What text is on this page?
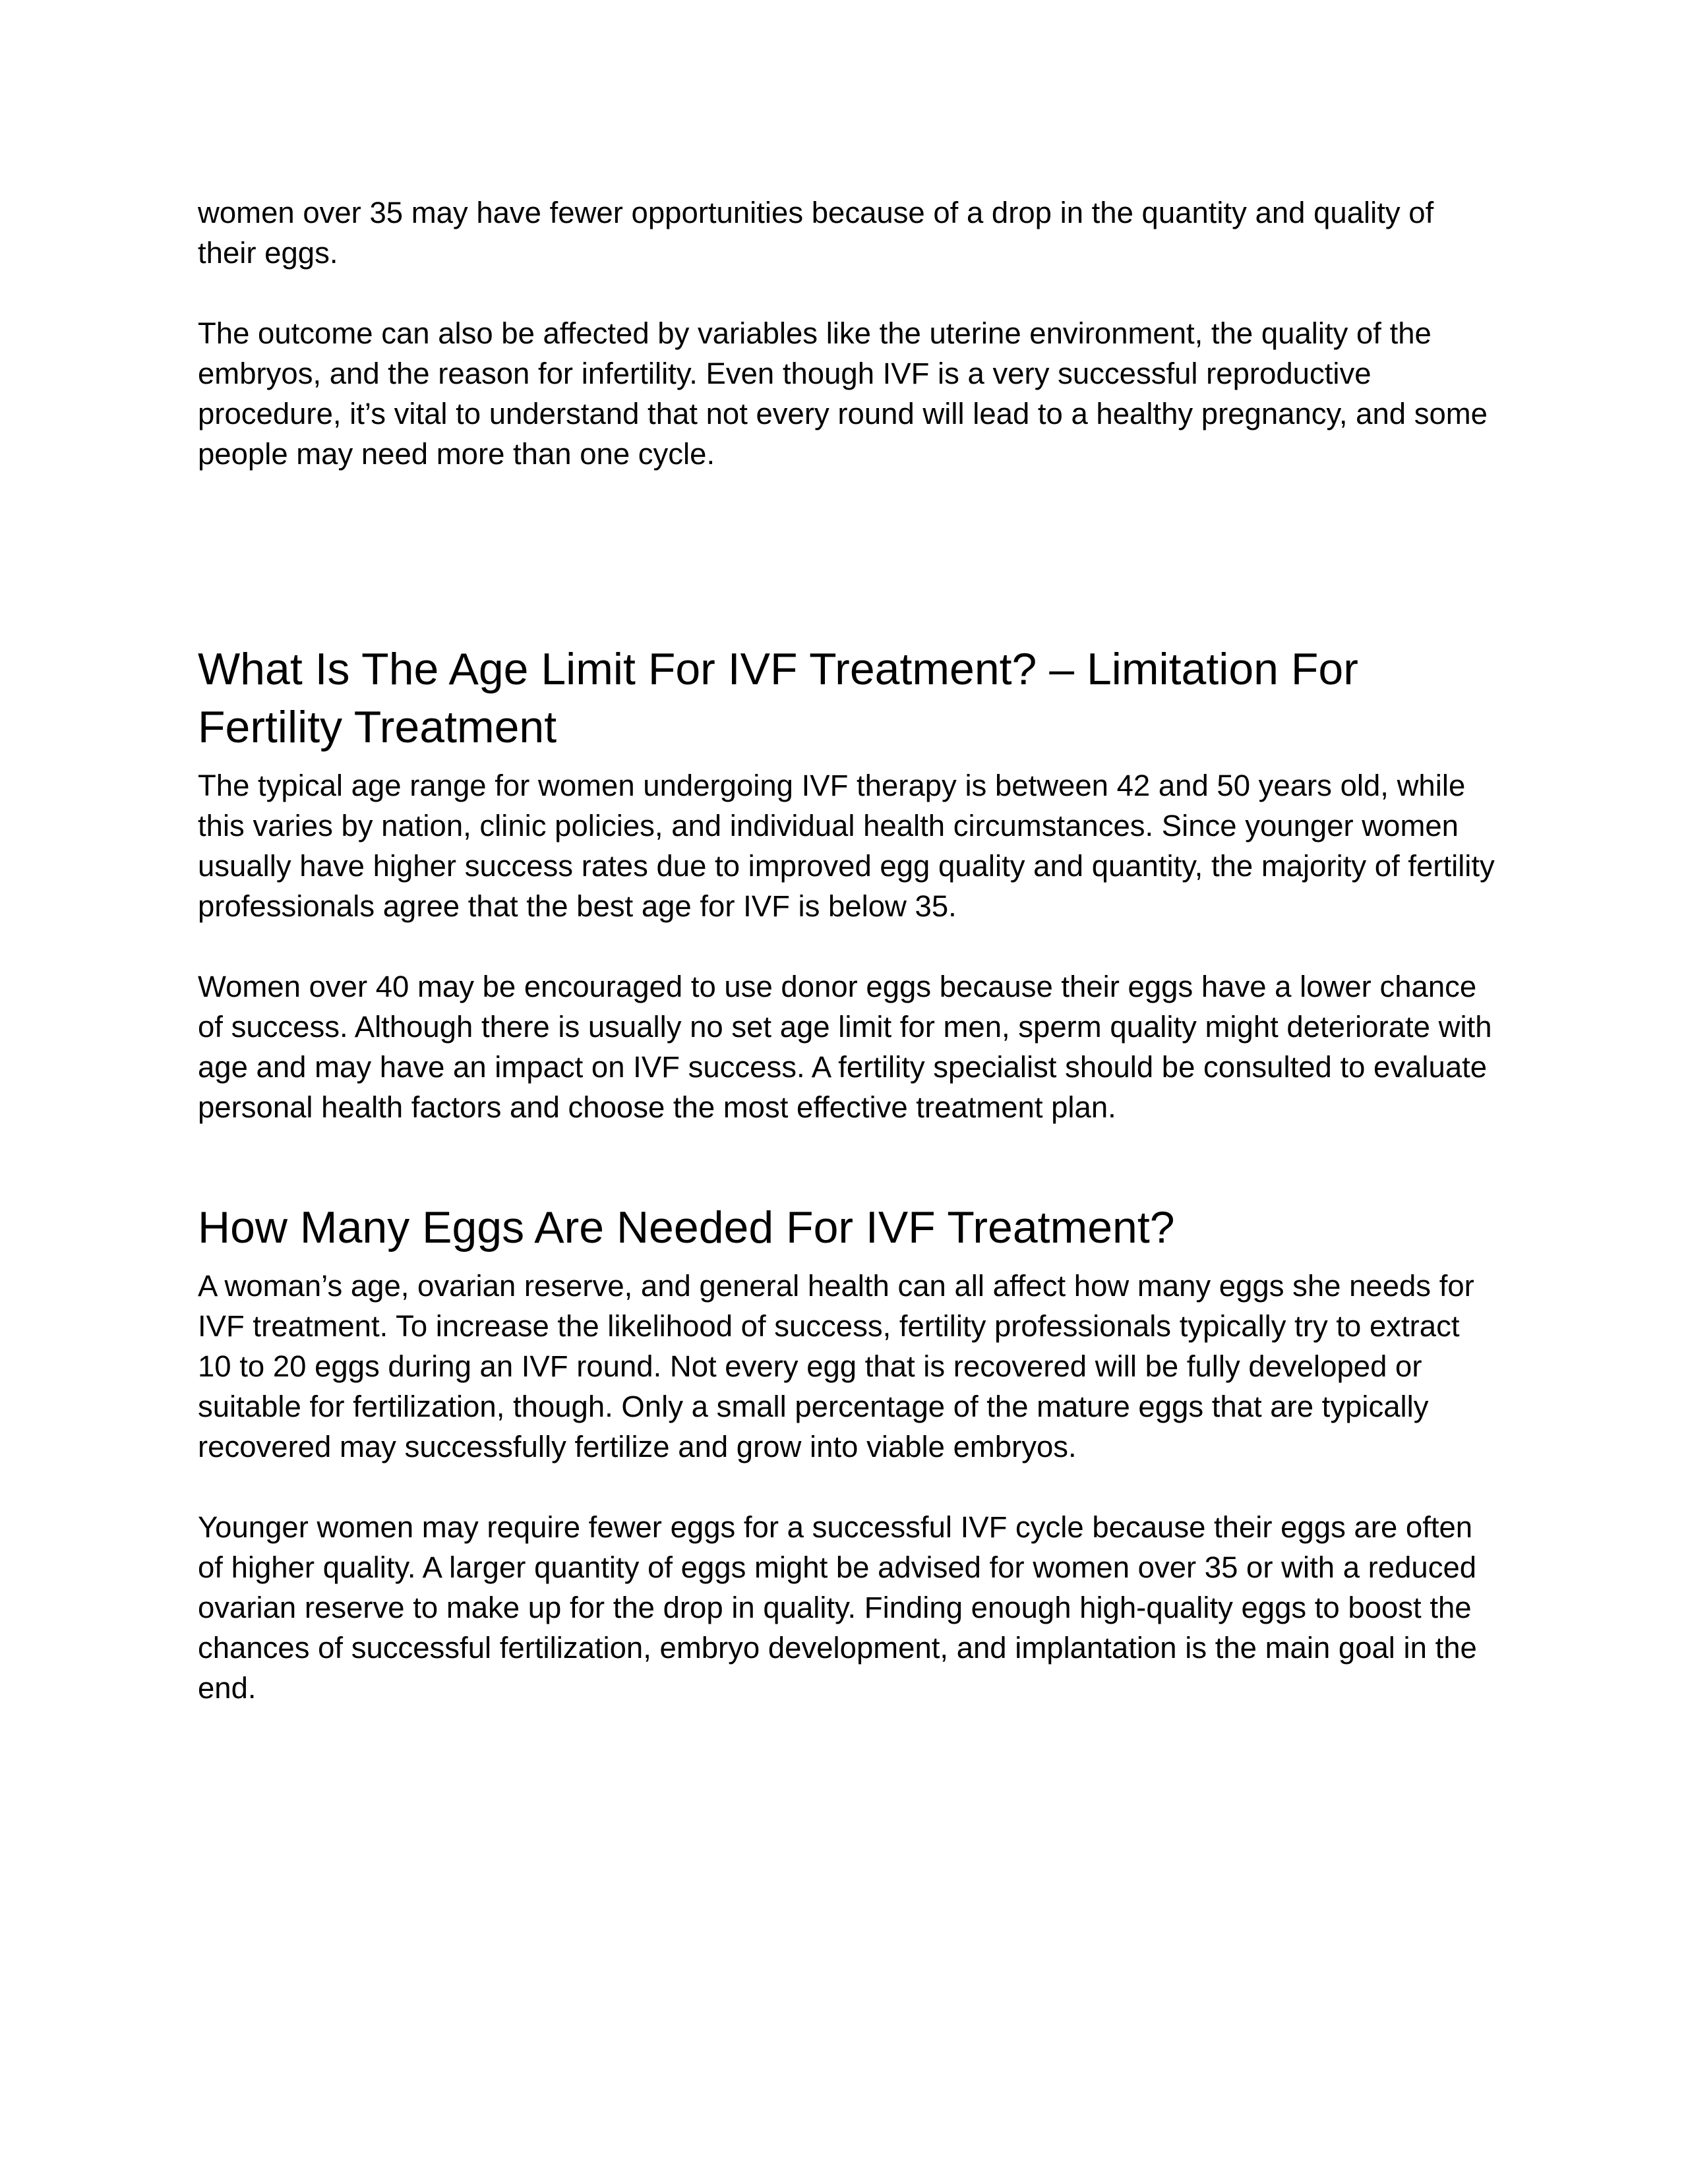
women over 35 may have fewer opportunities because of a drop in the quantity and quality of their eggs.

The outcome can also be affected by variables like the uterine environment, the quality of the embryos, and the reason for infertility. Even though IVF is a very successful reproductive procedure, it’s vital to understand that not every round will lead to a healthy pregnancy, and some people may need more than one cycle.

What Is The Age Limit For IVF Treatment? – Limitation For Fertility Treatment

The typical age range for women undergoing IVF therapy is between 42 and 50 years old, while this varies by nation, clinic policies, and individual health circumstances. Since younger women usually have higher success rates due to improved egg quality and quantity, the majority of fertility professionals agree that the best age for IVF is below 35.

Women over 40 may be encouraged to use donor eggs because their eggs have a lower chance of success. Although there is usually no set age limit for men, sperm quality might deteriorate with age and may have an impact on IVF success. A fertility specialist should be consulted to evaluate personal health factors and choose the most effective treatment plan.

How Many Eggs Are Needed For IVF Treatment?

A woman’s age, ovarian reserve, and general health can all affect how many eggs she needs for IVF treatment. To increase the likelihood of success, fertility professionals typically try to extract 10 to 20 eggs during an IVF round. Not every egg that is recovered will be fully developed or suitable for fertilization, though. Only a small percentage of the mature eggs that are typically recovered may successfully fertilize and grow into viable embryos.

Younger women may require fewer eggs for a successful IVF cycle because their eggs are often of higher quality. A larger quantity of eggs might be advised for women over 35 or with a reduced ovarian reserve to make up for the drop in quality. Finding enough high-quality eggs to boost the chances of successful fertilization, embryo development, and implantation is the main goal in the end.
